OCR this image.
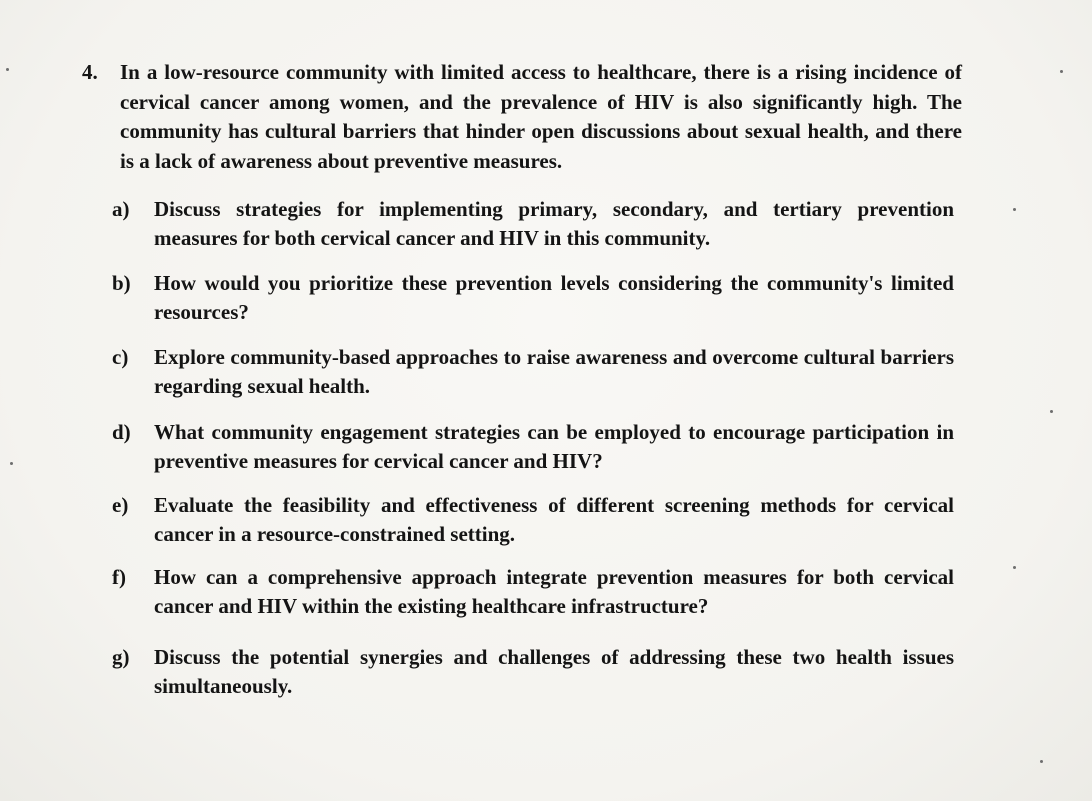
4. In a low-resource community with limited access to healthcare, there is a rising incidence of cervical cancer among women, and the prevalence of HIV is also significantly high. The community has cultural barriers that hinder open discussions about sexual health, and there is a lack of awareness about preventive measures.
a) Discuss strategies for implementing primary, secondary, and tertiary prevention measures for both cervical cancer and HIV in this community.
b) How would you prioritize these prevention levels considering the community's limited resources?
c) Explore community-based approaches to raise awareness and overcome cultural barriers regarding sexual health.
d) What community engagement strategies can be employed to encourage participation in preventive measures for cervical cancer and HIV?
e) Evaluate the feasibility and effectiveness of different screening methods for cervical cancer in a resource-constrained setting.
f) How can a comprehensive approach integrate prevention measures for both cervical cancer and HIV within the existing healthcare infrastructure?
g) Discuss the potential synergies and challenges of addressing these two health issues simultaneously.
